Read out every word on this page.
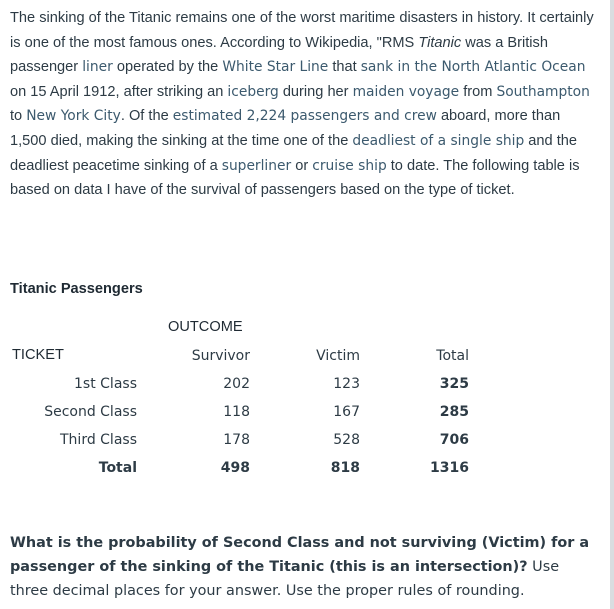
The sinking of the Titanic remains one of the worst maritime disasters in history. It certainly is one of the most famous ones. According to Wikipedia, "RMS Titanic was a British passenger liner operated by the White Star Line that sank in the North Atlantic Ocean on 15 April 1912, after striking an iceberg during her maiden voyage from Southampton to New York City. Of the estimated 2,224 passengers and crew aboard, more than 1,500 died, making the sinking at the time one of the deadliest of a single ship and the deadliest peacetime sinking of a superliner or cruise ship to date. The following table is based on data I have of the survival of passengers based on the type of ticket.
Titanic Passengers
OUTCOME
TICKET	Survivor	Victim	Total
1st Class	202	123	325
Second Class	118	167	285
Third Class	178	528	706
Total	498	818	1316
What is the probability of Second Class and not surviving (Victim) for a passenger of the sinking of the Titanic (this is an intersection)? Use three decimal places for your answer. Use the proper rules of rounding.
